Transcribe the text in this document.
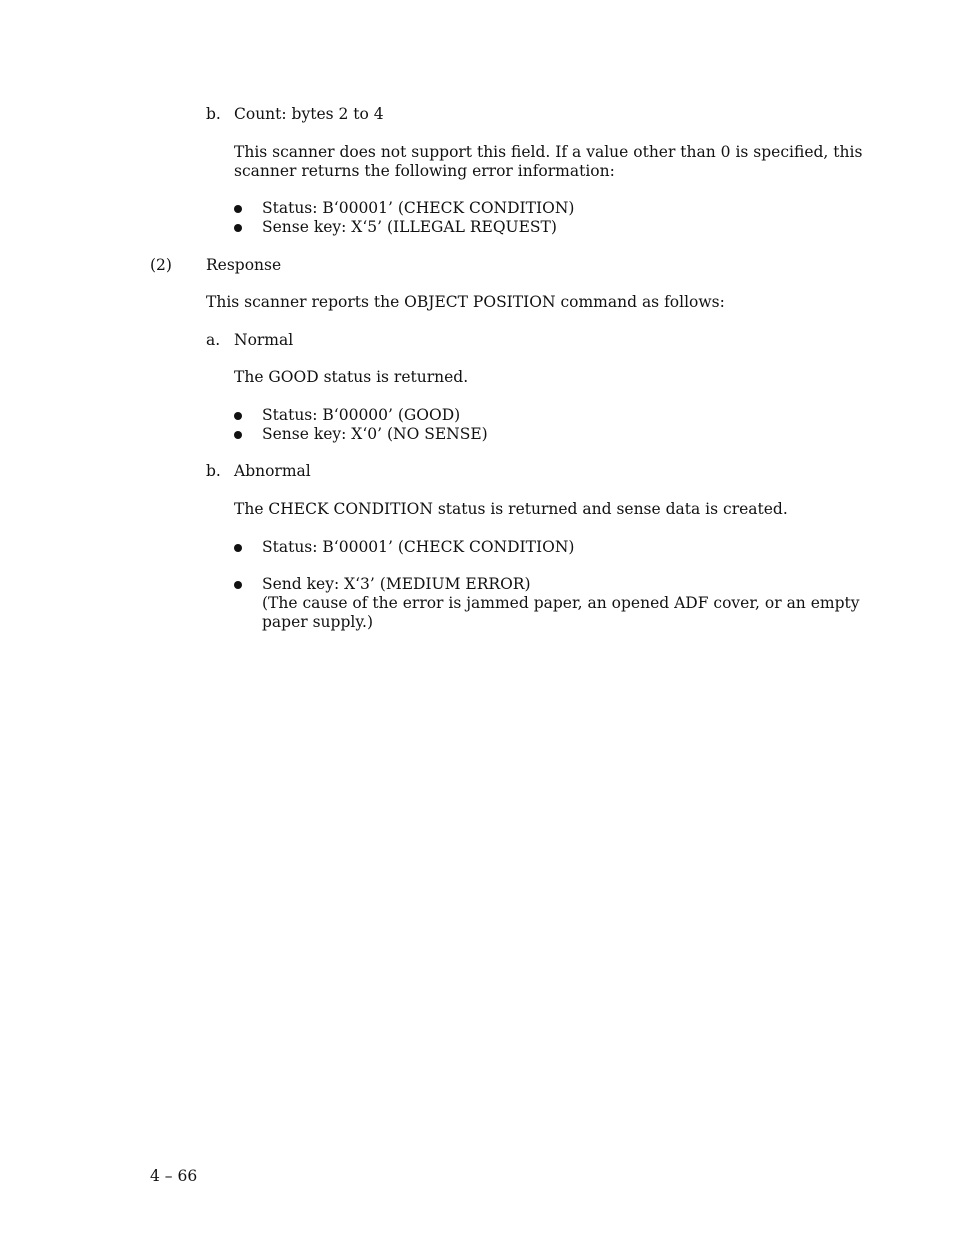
b. Count: bytes 2 to 4
This scanner does not support this field. If a value other than 0 is specified, this
scanner returns the following error information:
Status: B‘00001’ (CHECK CONDITION)
Sense key: X‘5’ (ILLEGAL REQUEST)
(2) Response
This scanner reports the OBJECT POSITION command as follows:
a. Normal
The GOOD status is returned.
Status: B‘00000’ (GOOD)
Sense key: X‘0’ (NO SENSE)
b. Abnormal
The CHECK CONDITION status is returned and sense data is created.
Status: B‘00001’ (CHECK CONDITION)
Send key: X‘3’ (MEDIUM ERROR)
(The cause of the error is jammed paper, an opened ADF cover, or an empty
paper supply.)
4 – 66
